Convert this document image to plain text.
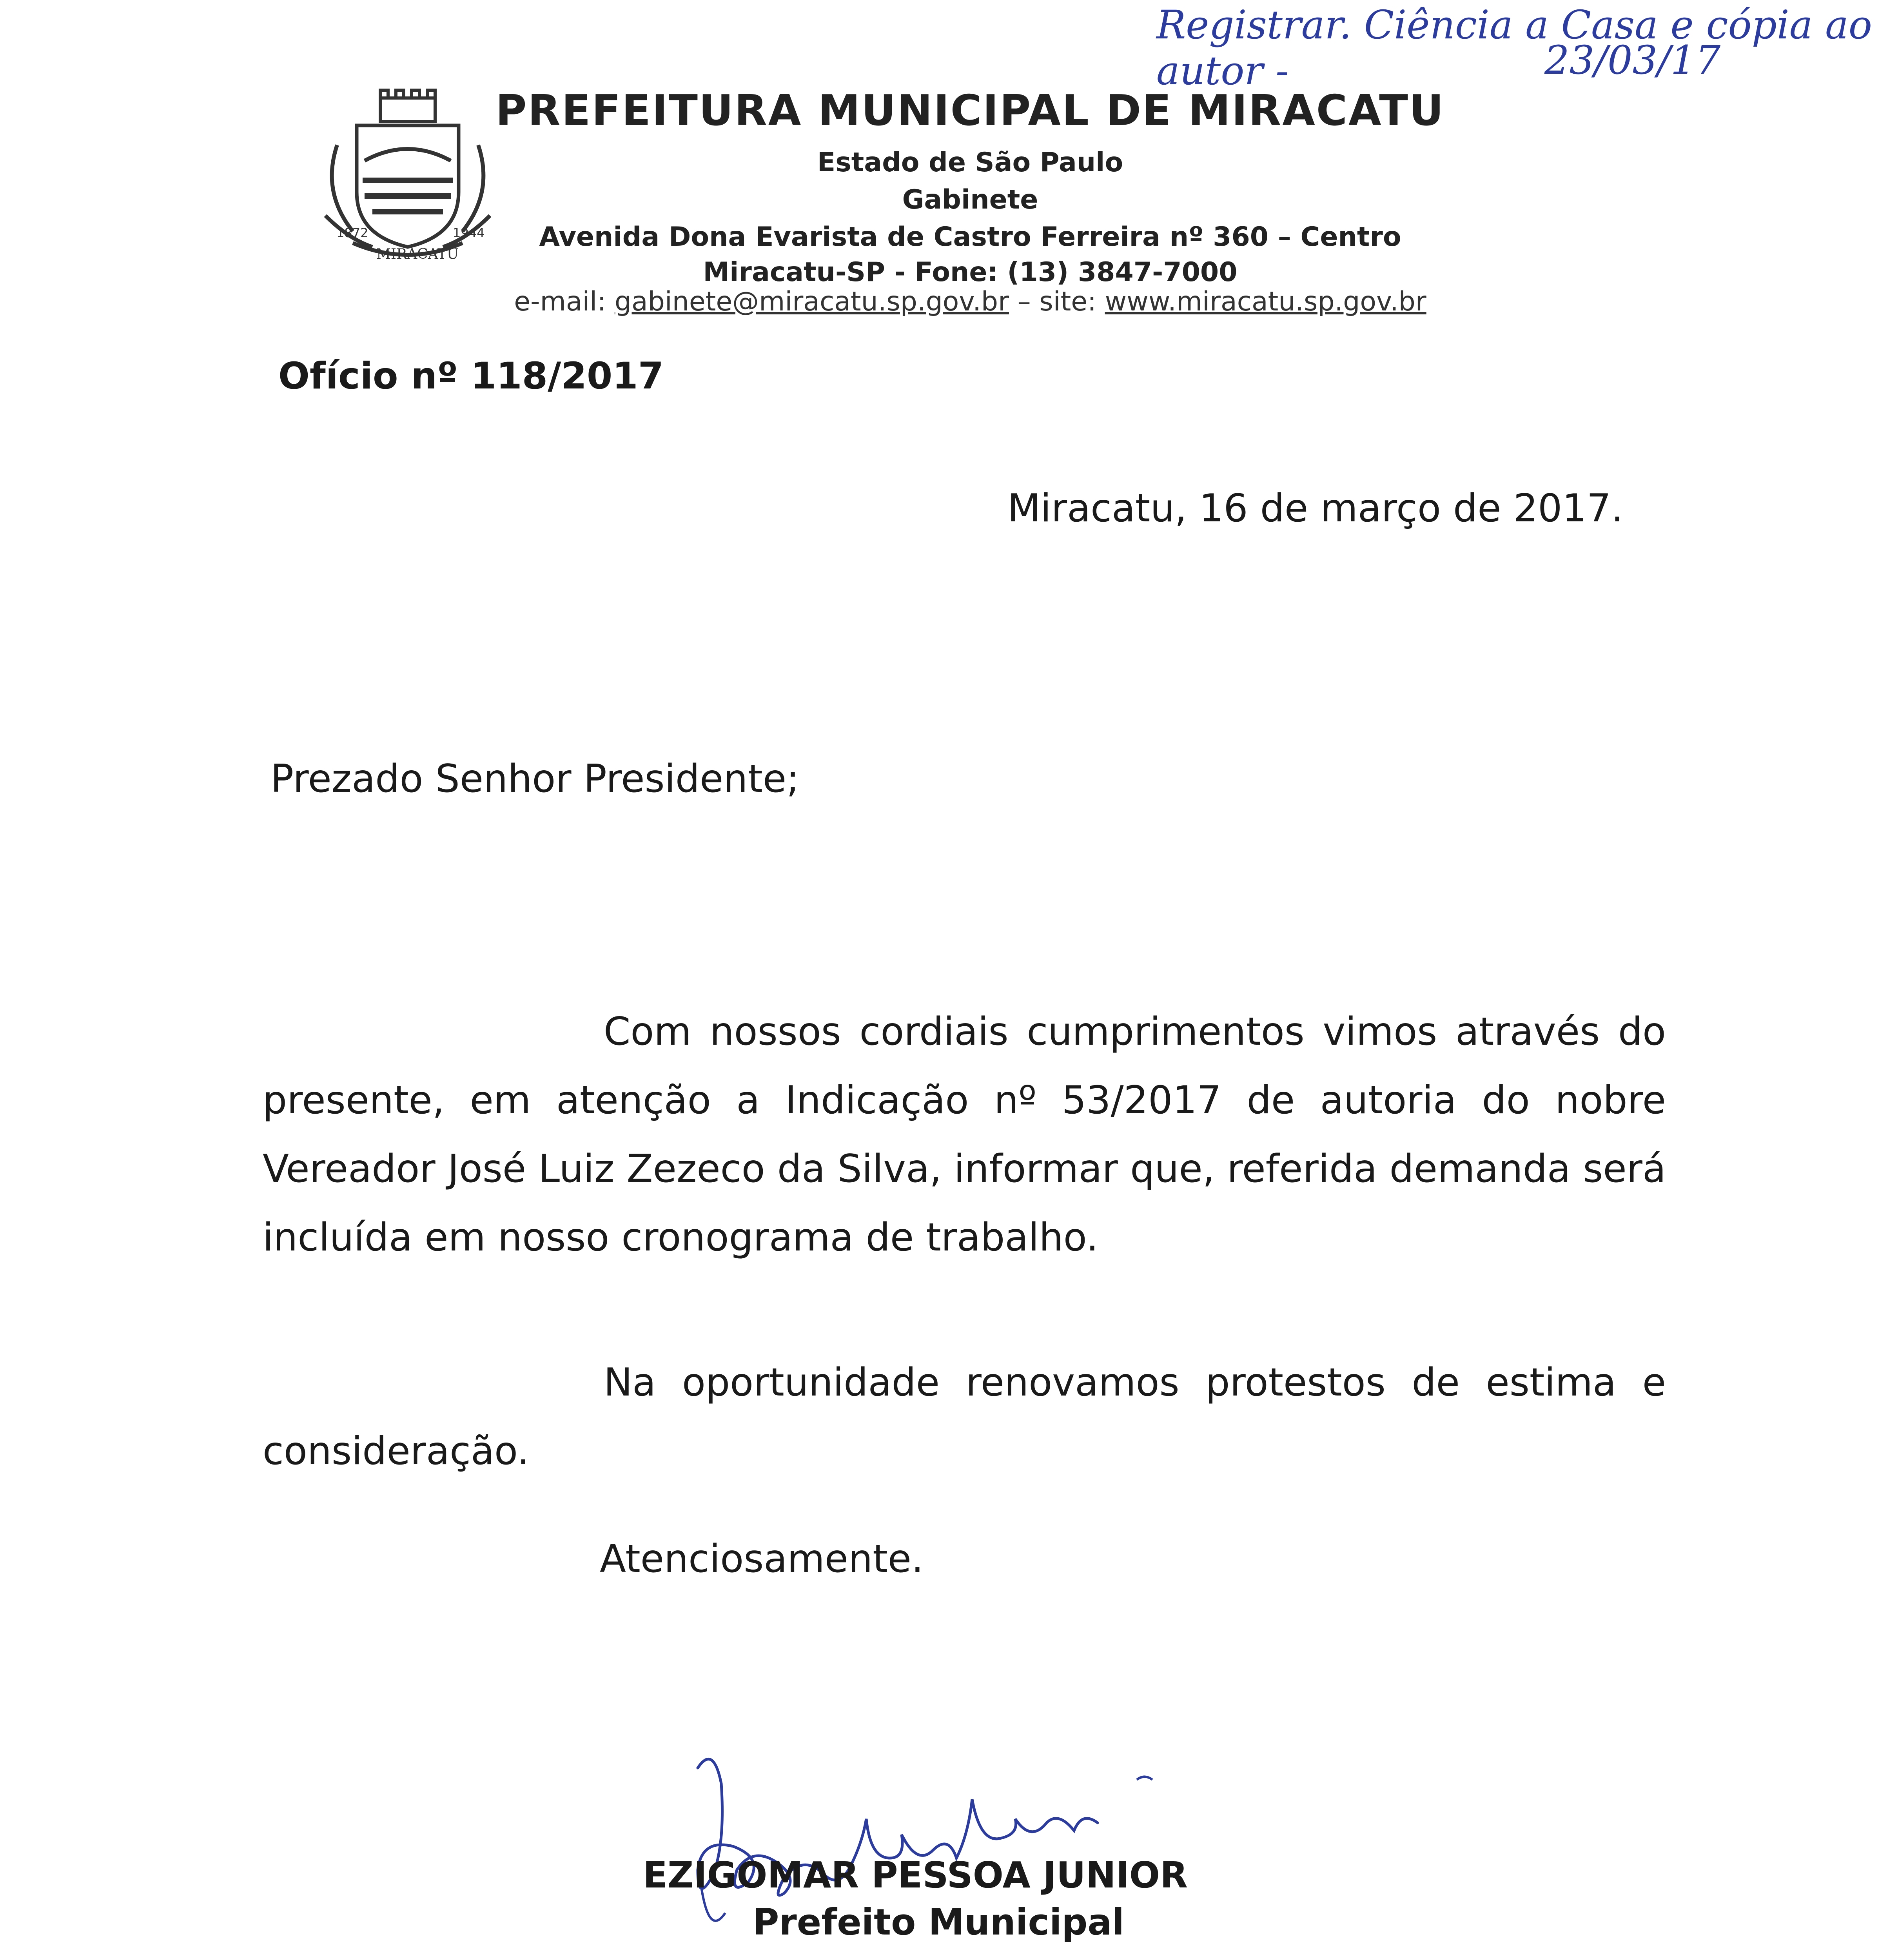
Registrar. Ciência a Casa e cópia ao autor -	23/03/17
1872	1944
MIRACATU
PREFEITURA MUNICIPAL DE MIRACATU
Estado de São Paulo
Gabinete
Avenida Dona Evarista de Castro Ferreira nº 360 – Centro
Miracatu-SP - Fone: (13) 3847-7000
e-mail: gabinete@miracatu.sp.gov.br – site: www.miracatu.sp.gov.br
Ofício nº 118/2017
Miracatu, 16 de março de 2017.
Prezado Senhor Presidente;
Com nossos cordiais cumprimentos vimos através do presente, em atenção a Indicação nº 53/2017 de autoria do nobre Vereador José Luiz Zezeco da Silva, informar que, referida demanda será incluída em nosso cronograma de trabalho.
Na oportunidade renovamos protestos de estima e consideração.
Atenciosamente.
EZIGOMAR PESSOA JUNIOR
Prefeito Municipal
